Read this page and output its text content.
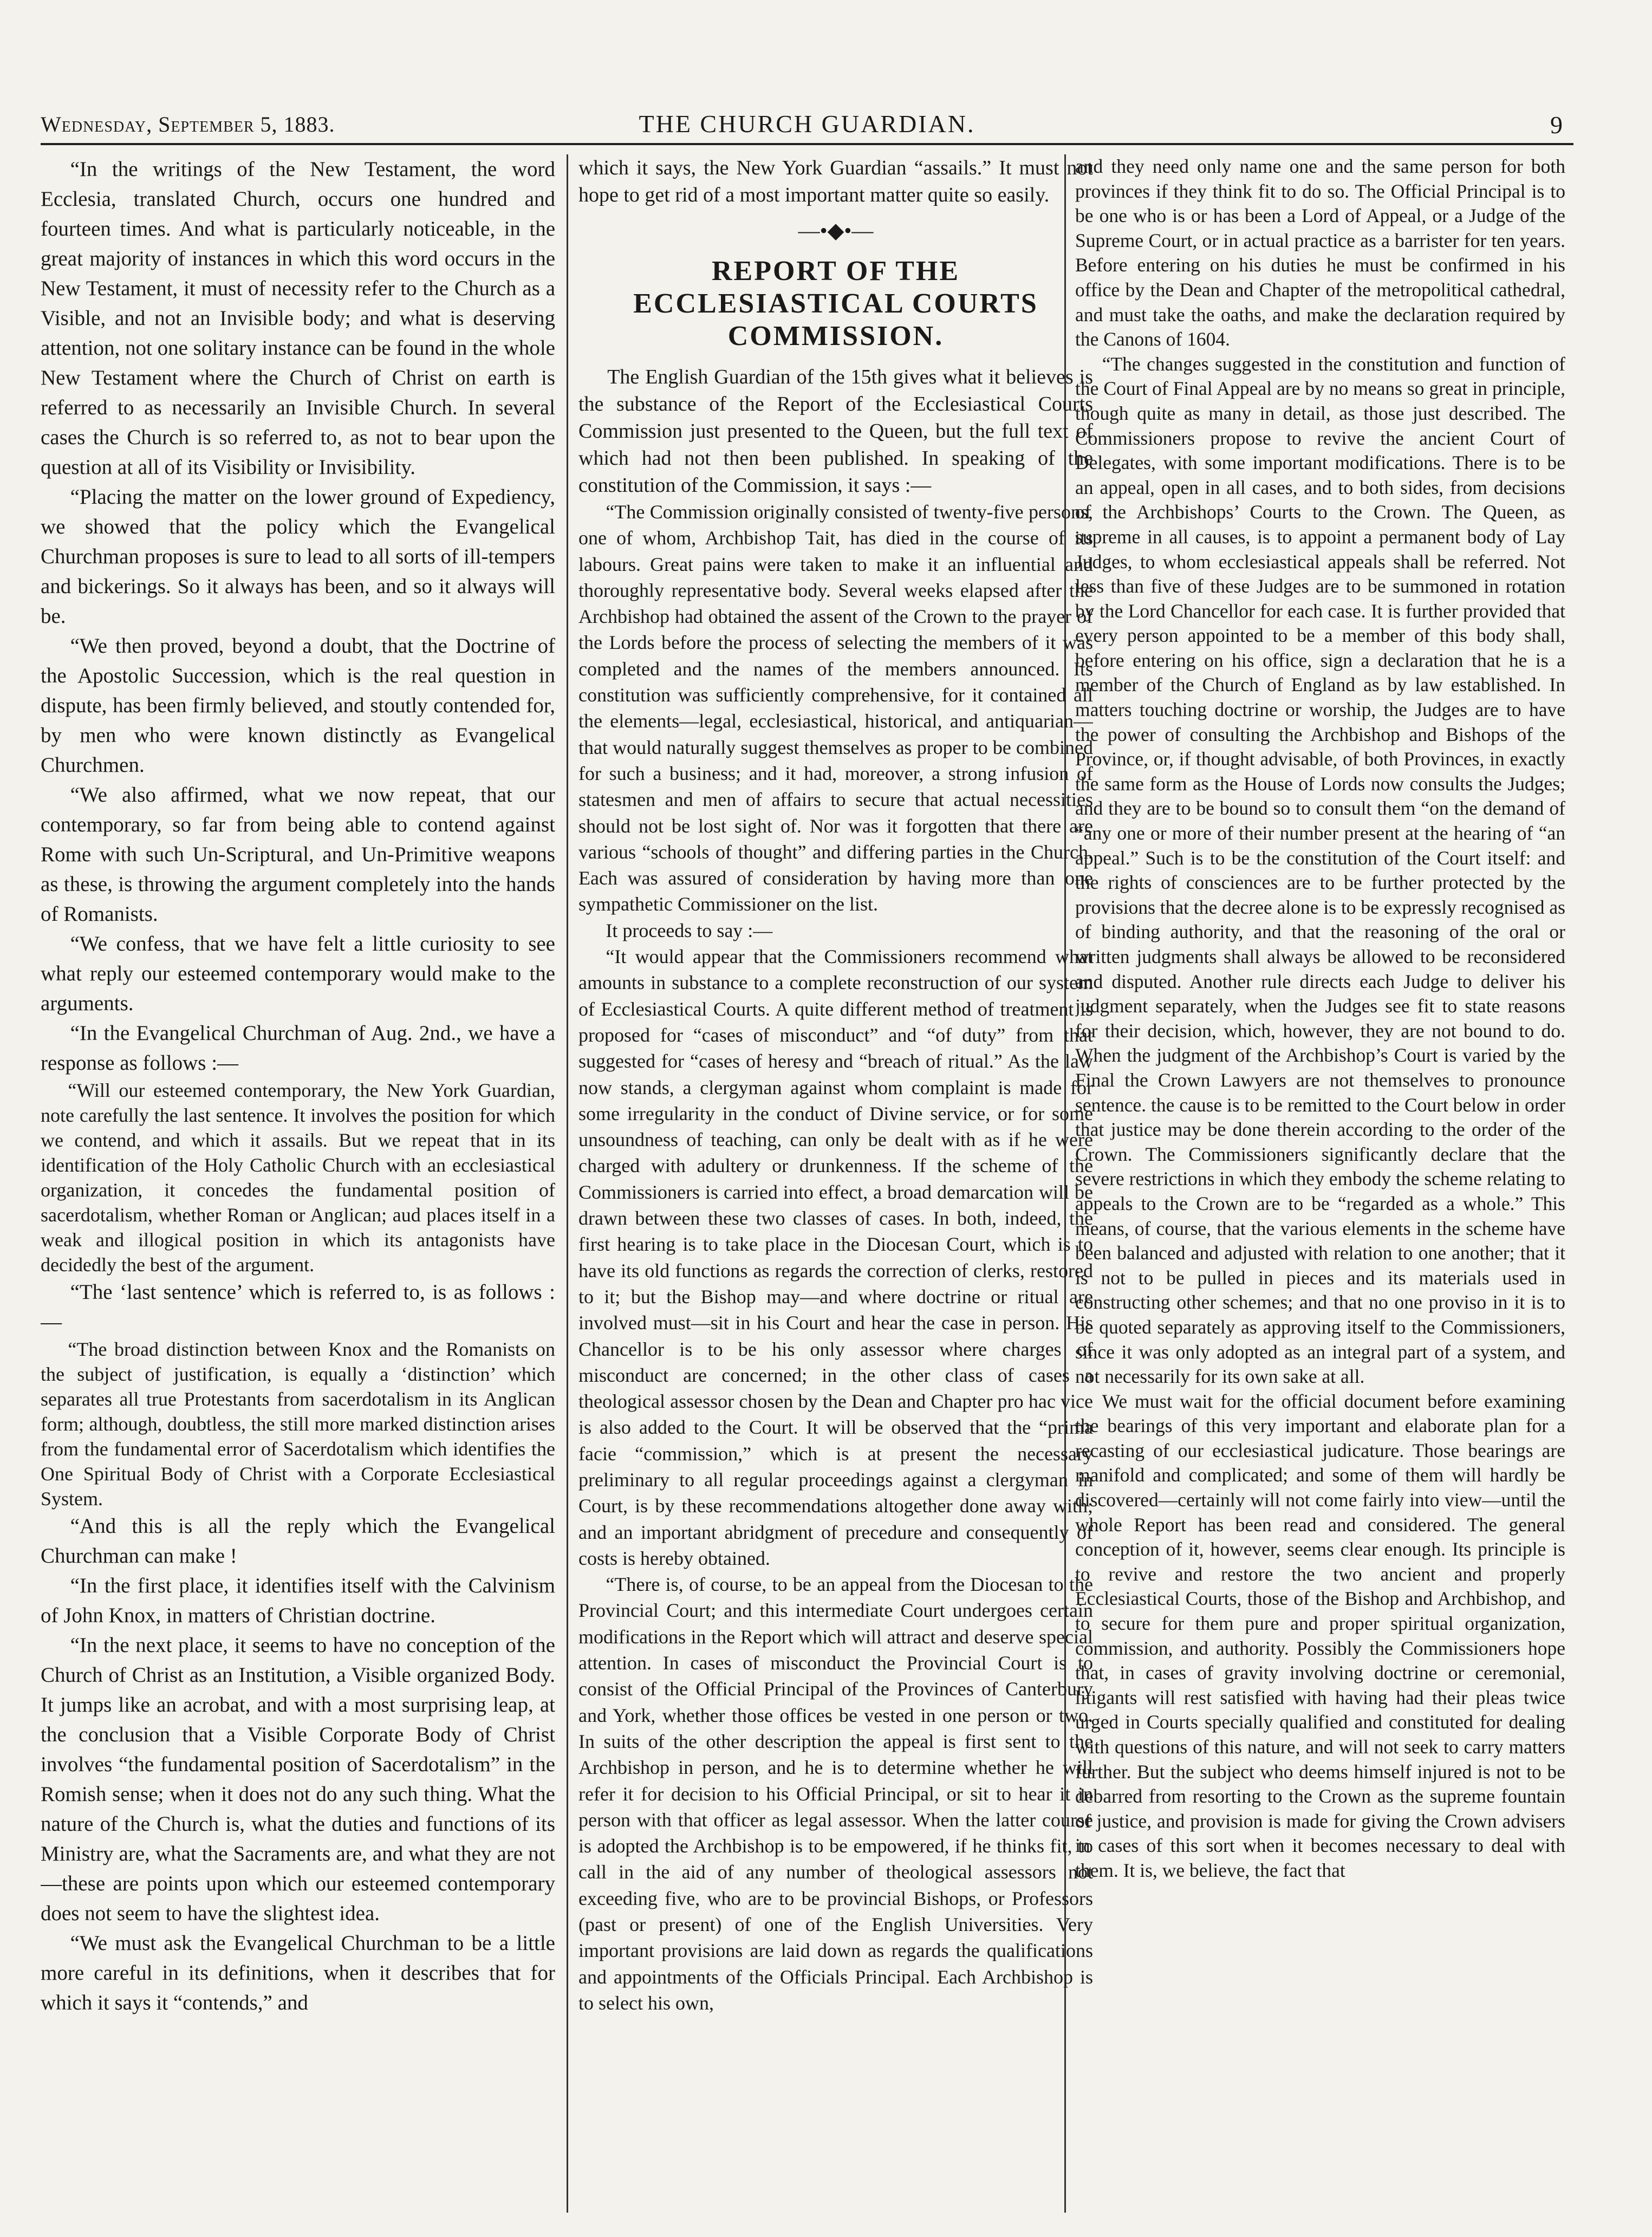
Wednesday, September 5, 1883.	THE CHURCH GUARDIAN.	9

“In the writings of the New Testament, the word Ecclesia, translated Church, occurs one hundred and fourteen times. And what is particularly noticeable, in the great majority of instances in which this word occurs in the New Testament, it must of necessity refer to the Church as a Visible, and not an Invisible body; and what is deserving attention, not one solitary instance can be found in the whole New Testament where the Church of Christ on earth is referred to as necessarily an Invisible Church. In several cases the Church is so referred to, as not to bear upon the question at all of its Visibility or Invisibility.

“Placing the matter on the lower ground of Expediency, we showed that the policy which the Evangelical Churchman proposes is sure to lead to all sorts of ill-tempers and bickerings. So it always has been, and so it always will be.

“We then proved, beyond a doubt, that the Doctrine of the Apostolic Succession, which is the real question in dispute, has been firmly believed, and stoutly contended for, by men who were known distinctly as Evangelical Churchmen.

“We also affirmed, what we now repeat, that our contemporary, so far from being able to contend against Rome with such Un-Scriptural, and Un-Primitive weapons as these, is throwing the argument completely into the hands of Romanists.

“We confess, that we have felt a little curiosity to see what reply our esteemed contemporary would make to the arguments.

“In the Evangelical Churchman of Aug. 2nd., we have a response as follows :—

“Will our esteemed contemporary, the New York Guardian, note carefully the last sentence. It involves the position for which we contend, and which it assails. But we repeat that in its identification of the Holy Catholic Church with an ecclesiastical organization, it concedes the fundamental position of sacerdotalism, whether Roman or Anglican; aud places itself in a weak and illogical position in which its antagonists have decidedly the best of the argument.

“The ‘last sentence’ which is referred to, is as follows :—

“The broad distinction between Knox and the Romanists on the subject of justification, is equally a ‘distinction’ which separates all true Protestants from sacerdotalism in its Anglican form; although, doubtless, the still more marked distinction arises from the fundamental error of Sacerdotalism which identifies the One Spiritual Body of Christ with a Corporate Ecclesiastical System.

“And this is all the reply which the Evangelical Churchman can make !

“In the first place, it identifies itself with the Calvinism of John Knox, in matters of Christian doctrine.

“In the next place, it seems to have no conception of the Church of Christ as an Institution, a Visible organized Body. It jumps like an acrobat, and with a most surprising leap, at the conclusion that a Visible Corporate Body of Christ involves “the fundamental position of Sacerdotalism” in the Romish sense; when it does not do any such thing. What the nature of the Church is, what the duties and functions of its Ministry are, what the Sacraments are, and what they are not—these are points upon which our esteemed contemporary does not seem to have the slightest idea.

“We must ask the Evangelical Churchman to be a little more careful in its definitions, when it describes that for which it says it “contends,” and

which it says, the New York Guardian “assails.” It must not hope to get rid of a most important matter quite so easily.

—•◆•—
REPORT OF THE ECCLESIASTICAL COURTS COMMISSION.

The English Guardian of the 15th gives what it believes is the substance of the Report of the Ecclesiastical Courts Commission just presented to the Queen, but the full text of which had not then been published. In speaking of the constitution of the Commission, it says :—

“The Commission originally consisted of twenty-five persons, one of whom, Archbishop Tait, has died in the course of its labours. Great pains were taken to make it an influential and thoroughly representative body. Several weeks elapsed after the Archbishop had obtained the assent of the Crown to the prayer of the Lords before the process of selecting the members of it was completed and the names of the members announced. Its constitution was sufficiently comprehensive, for it contained all the elements—legal, ecclesiastical, historical, and antiquarian—that would naturally suggest themselves as proper to be combined for such a business; and it had, moreover, a strong infusion of statesmen and men of affairs to secure that actual necessities should not be lost sight of. Nor was it forgotten that there are various “schools of thought” and differing parties in the Church. Each was assured of consideration by having more than one sympathetic Commissioner on the list.

It proceeds to say :—

“It would appear that the Commissioners recommend what amounts in substance to a complete reconstruction of our system of Ecclesiastical Courts. A quite different method of treatment is proposed for “cases of misconduct” and “of duty” from that suggested for “cases of heresy and “breach of ritual.” As the law now stands, a clergyman against whom complaint is made for some irregularity in the conduct of Divine service, or for some unsoundness of teaching, can only be dealt with as if he were charged with adultery or drunkenness. If the scheme of the Commissioners is carried into effect, a broad demarcation will be drawn between these two classes of cases. In both, indeed, the first hearing is to take place in the Diocesan Court, which is to have its old functions as regards the correction of clerks, restored to it; but the Bishop may—and where doctrine or ritual are involved must—sit in his Court and hear the case in person. His Chancellor is to be his only assessor where charges of misconduct are concerned; in the other class of cases a theological assessor chosen by the Dean and Chapter pro hac vice is also added to the Court. It will be observed that the “prima facie “commission,” which is at present the necessary preliminary to all regular proceedings against a clergyman in Court, is by these recommendations altogether done away with; and an important abridgment of precedure and consequently of costs is hereby obtained.

“There is, of course, to be an appeal from the Diocesan to the Provincial Court; and this intermediate Court undergoes certain modifications in the Report which will attract and deserve special attention. In cases of misconduct the Provincial Court is to consist of the Official Principal of the Provinces of Canterbury and York, whether those offices be vested in one person or two. In suits of the other description the appeal is first sent to the Archbishop in person, and he is to determine whether he will refer it for decision to his Official Principal, or sit to hear it in person with that officer as legal assessor. When the latter course is adopted the Archbishop is to be empowered, if he thinks fit, to call in the aid of any number of theological assessors not exceeding five, who are to be provincial Bishops, or Professors (past or present) of one of the English Universities. Very important provisions are laid down as regards the qualifications and appointments of the Officials Principal. Each Archbishop is to select his own,

and they need only name one and the same person for both provinces if they think fit to do so. The Official Principal is to be one who is or has been a Lord of Appeal, or a Judge of the Supreme Court, or in actual practice as a barrister for ten years. Before entering on his duties he must be confirmed in his office by the Dean and Chapter of the metropolitical cathedral, and must take the oaths, and make the declaration required by the Canons of 1604.

“The changes suggested in the constitution and function of the Court of Final Appeal are by no means so great in principle, though quite as many in detail, as those just described. The Commissioners propose to revive the ancient Court of Delegates, with some important modifications. There is to be an appeal, open in all cases, and to both sides, from decisions of the Archbishops’ Courts to the Crown. The Queen, as supreme in all causes, is to appoint a permanent body of Lay Judges, to whom ecclesiastical appeals shall be referred. Not less than five of these Judges are to be summoned in rotation by the Lord Chancellor for each case. It is further provided that every person appointed to be a member of this body shall, before entering on his office, sign a declaration that he is a member of the Church of England as by law established. In matters touching doctrine or worship, the Judges are to have the power of consulting the Archbishop and Bishops of the Province, or, if thought advisable, of both Provinces, in exactly the same form as the House of Lords now consults the Judges; and they are to be bound so to consult them “on the demand of “any one or more of their number present at the hearing of “an appeal.” Such is to be the constitution of the Court itself: and the rights of consciences are to be further protected by the provisions that the decree alone is to be expressly recognised as of binding authority, and that the reasoning of the oral or written judgments shall always be allowed to be reconsidered and disputed. Another rule directs each Judge to deliver his judgment separately, when the Judges see fit to state reasons for their decision, which, however, they are not bound to do. When the judgment of the Archbishop’s Court is varied by the Final the Crown Lawyers are not themselves to pronounce sentence. the cause is to be remitted to the Court below in order that justice may be done therein according to the order of the Crown. The Commissioners significantly declare that the severe restrictions in which they embody the scheme relating to appeals to the Crown are to be “regarded as a whole.” This means, of course, that the various elements in the scheme have been balanced and adjusted with relation to one another; that it is not to be pulled in pieces and its materials used in constructing other schemes; and that no one proviso in it is to be quoted separately as approving itself to the Commissioners, since it was only adopted as an integral part of a system, and not necessarily for its own sake at all.

We must wait for the official document before examining the bearings of this very important and elaborate plan for a recasting of our ecclesiastical judicature. Those bearings are manifold and complicated; and some of them will hardly be discovered—certainly will not come fairly into view—until the whole Report has been read and considered. The general conception of it, however, seems clear enough. Its principle is to revive and restore the two ancient and properly Ecclesiastical Courts, those of the Bishop and Archbishop, and to secure for them pure and proper spiritual organization, commission, and authority. Possibly the Commissioners hope that, in cases of gravity involving doctrine or ceremonial, litigants will rest satisfied with having had their pleas twice urged in Courts specially qualified and constituted for dealing with questions of this nature, and will not seek to carry matters further. But the subject who deems himself injured is not to be debarred from resorting to the Crown as the supreme fountain of justice, and provision is made for giving the Crown advisers in cases of this sort when it becomes necessary to deal with them. It is, we believe, the fact that
